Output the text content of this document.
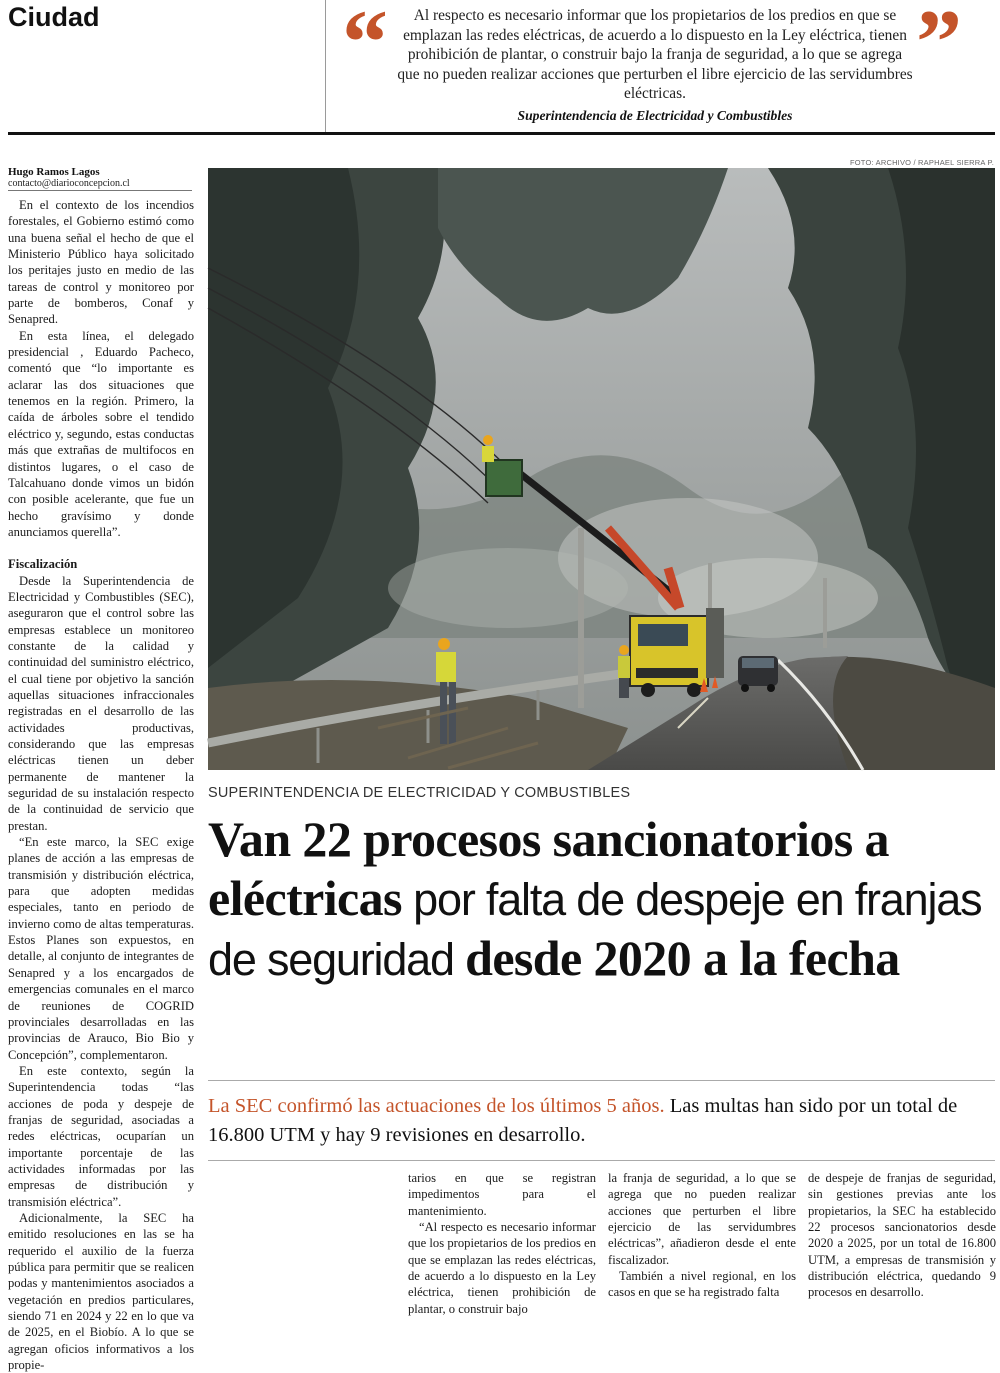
Ciudad	“	Al respecto es necesario informar que los propietarios de los predios en que se emplazan las redes eléctricas, de acuerdo a lo dispuesto en la Ley eléctrica, tienen prohibición de plantar, o construir bajo la franja de seguridad, a lo que se agrega que no pueden realizar acciones que perturben el libre ejercicio de las servidumbres eléctricas.
Superintendencia de Electricidad y Combustibles
”
Hugo Ramos Lagos
contacto@diarioconcepcion.cl

En el contexto de los incendios forestales, el Gobierno estimó como una buena señal el hecho de que el Ministerio Público haya solicitado los peritajes justo en medio de las tareas de control y monitoreo por parte de bomberos, Conaf y Senapred.

En esta línea, el delegado presidencial , Eduardo Pacheco, comentó que “lo importante es aclarar las dos situaciones que tenemos en la región. Primero, la caída de árboles sobre el tendido eléctrico y, segundo, estas conductas más que extrañas de multifocos en distintos lugares, o el caso de Talcahuano donde vimos un bidón con posible acelerante, que fue un hecho gravísimo y donde anunciamos querella”.

Fiscalización

Desde la Superintendencia de Electricidad y Combustibles (SEC), aseguraron que el control sobre las empresas establece un monitoreo constante de la calidad y continuidad del suministro eléctrico, el cual tiene por objetivo la sanción aquellas situaciones infraccionales registradas en el desarrollo de las actividades productivas, considerando que las empresas eléctricas tienen un deber permanente de mantener la seguridad de su instalación respecto de la continuidad de servicio que prestan.

“En este marco, la SEC exige planes de acción a las empresas de transmisión y distribución eléctrica, para que adopten medidas especiales, tanto en periodo de invierno como de altas temperaturas. Estos Planes son expuestos, en detalle, al conjunto de integrantes de Senapred y a los encargados de emergencias comunales en el marco de reuniones de COGRID provinciales desarrolladas en las provincias de Arauco, Bio Bio y Concepción”, complementaron.

En este contexto, según la Superintendencia todas “las acciones de poda y despeje de franjas de seguridad, asociadas a redes eléctricas, ocuparían un importante porcentaje de las actividades informadas por las empresas de distribución y transmisión eléctrica”.

Adicionalmente, la SEC ha emitido resoluciones en las se ha requerido el auxilio de la fuerza pública para permitir que se realicen podas y mantenimientos asociados a vegetación en predios particulares, siendo 71 en 2024 y 22 en lo que va de 2025, en el Biobío. A lo que se agregan oficios informativos a los propie-

FOTO: ARCHIVO / RAPHAEL SIERRA P.
SUPERINTENDENCIA DE ELECTRICIDAD Y COMBUSTIBLES
Van 22 procesos sancionatorios a eléctricas por falta de despeje en franjas de seguridad desde 2020 a la fecha
La SEC confirmó las actuaciones de los últimos 5 años. Las multas han sido por un total de 16.800 UTM y hay 9 revisiones en desarrollo.

tarios en que se registran impedimentos para el mantenimiento.

“Al respecto es necesario informar que los propietarios de los predios en que se emplazan las redes eléctricas, de acuerdo a lo dispuesto en la Ley eléctrica, tienen prohibición de plantar, o construir bajo

la franja de seguridad, a lo que se agrega que no pueden realizar acciones que perturben el libre ejercicio de las servidumbres eléctricas”, añadieron desde el ente fiscalizador.

También a nivel regional, en los casos en que se ha registrado falta

de despeje de franjas de seguridad, sin gestiones previas ante los propietarios, la SEC ha establecido 22 procesos sancionatorios desde 2020 a 2025, por un total de 16.800 UTM, a empresas de transmisión y distribución eléctrica, quedando 9 procesos en desarrollo.
